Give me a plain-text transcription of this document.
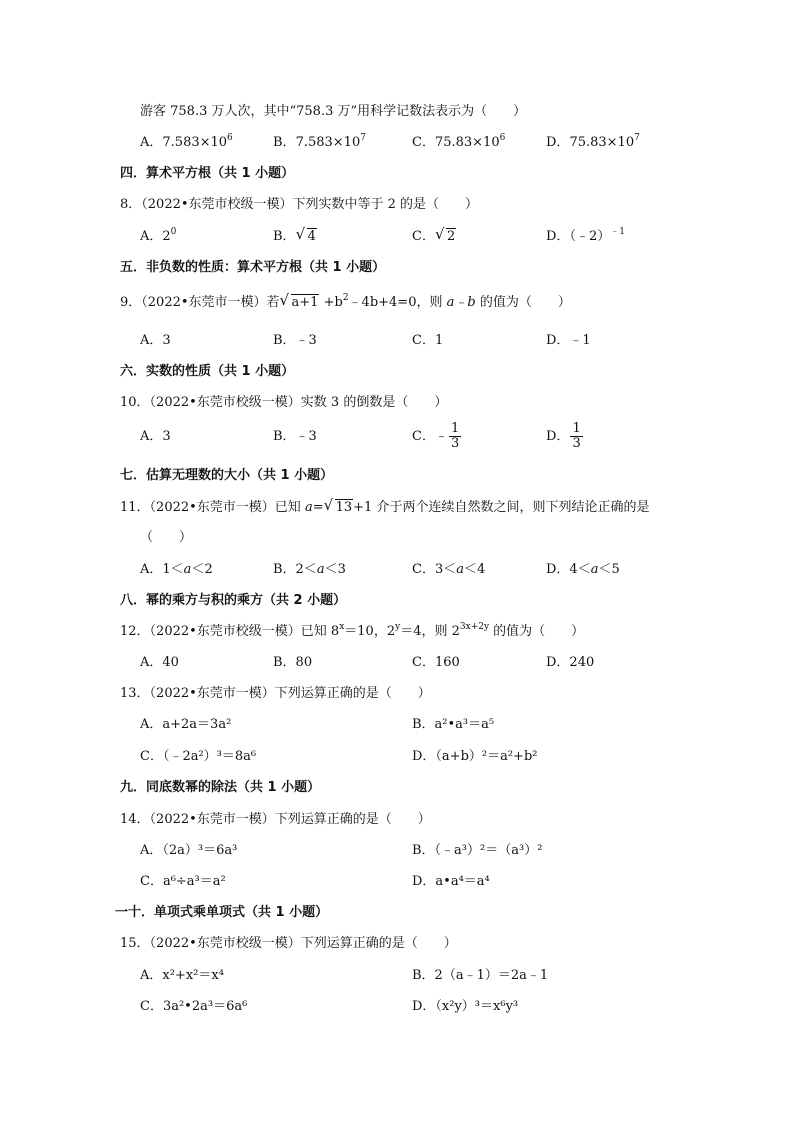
游客 758.3 万人次，其中“758.3 万”用科学记数法表示为（　　）
A．$7.583\times 10^6$	B．$7.583\times 10^7$	C．$75.83\times 10^6$	D．$75.83\times 10^7$
四．算术平方根（共 1 小题）
8．（2022•东莞市校级一模）下列实数中等于 2 的是（　　）
A．$2^0$	B． √ 4	C． √ 2	D．（﹣2）$^{﹣1}$
五．非负数的性质：算术平方根（共 1 小题）
9．（2022•东莞市一模）若 √ $a+1 +b^2﹣4b+4=0$，则 a﹣b 的值为（　　）
A．3	B．﹣3	C．1	D．﹣1
六．实数的性质（共 1 小题）
10．（2022•东莞市校级一模）实数 3 的倒数是（　　）
A．3	B．﹣3	C．﹣ $\frac{1}{3}$	D． $\frac{1}{3}$
七．估算无理数的大小（共 1 小题）
11．（2022•东莞市一模）已知 a= √ 13+1 介于两个连续自然数之间，则下列结论正确的是
（　　）
A．1＜a＜2	B．2＜a＜3	C．3＜a＜4	D．4＜a＜5
八．幂的乘方与积的乘方（共 2 小题）
12．（2022•东莞市校级一模）已知 $8^x=10$，$2^y=4$，则 $2^{3x+2y}$ 的值为（　　）
A．40	B．80	C．160	D．240
13．（2022•东莞市一模）下列运算正确的是（　　）
A．a+2a＝3a²	B．a²•a³＝a⁵
C．（﹣2a²）³＝8a⁶	D．（a+b）²＝a²+b²
九．同底数幂的除法（共 1 小题）
14．（2022•东莞市一模）下列运算正确的是（　　）
A．（2a）³＝6a³	B．（﹣a³）²＝（a³）²
C．a⁶÷a³＝a²	D．a•a⁴＝a⁴
一十．单项式乘单项式（共 1 小题）
15．（2022•东莞市校级一模）下列运算正确的是（　　）
A．x²+x²＝x⁴	B．2（a﹣1）＝2a﹣1
C．3a²•2a³＝6a⁶	D．（x²y）³＝x⁶y³
